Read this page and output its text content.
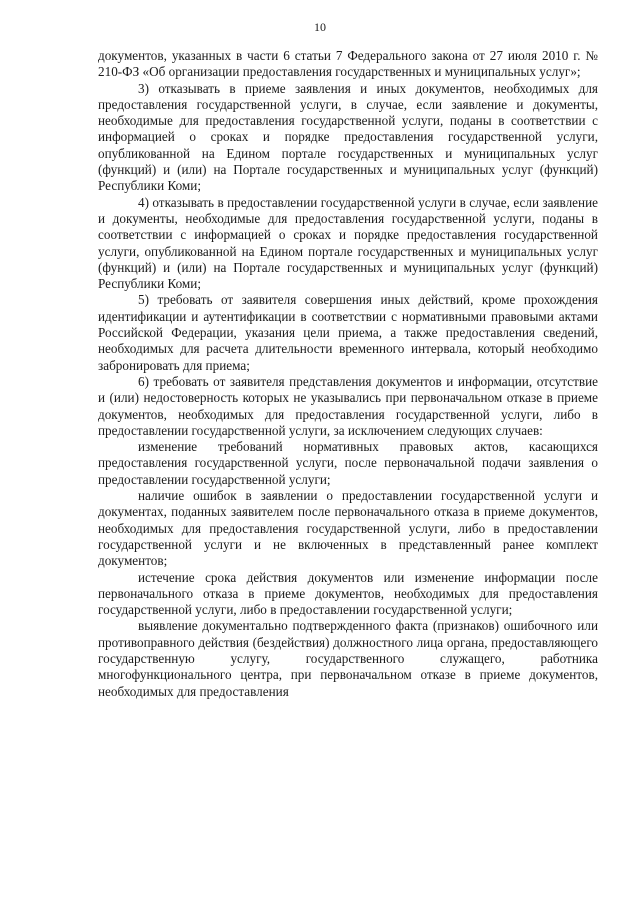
10

документов, указанных в части 6 статьи 7 Федерального закона от 27 июля 2010 г. № 210-ФЗ «Об организации предоставления государственных и муниципальных услуг»;

3) отказывать в приеме заявления и иных документов, необходимых для предоставления государственной услуги, в случае, если заявление и документы, необходимые для предоставления государственной услуги, поданы в соответствии с информацией о сроках и порядке предоставления государственной услуги, опубликованной на Едином портале государственных и муниципальных услуг (функций) и (или) на Портале государственных и муниципальных услуг (функций) Республики Коми;

4) отказывать в предоставлении государственной услуги в случае, если заявление и документы, необходимые для предоставления государственной услуги, поданы в соответствии с информацией о сроках и порядке предоставления государственной услуги, опубликованной на Едином портале государственных и муниципальных услуг (функций) и (или) на Портале государственных и муниципальных услуг (функций) Республики Коми;

5) требовать от заявителя совершения иных действий, кроме прохождения идентификации и аутентификации в соответствии с нормативными правовыми актами Российской Федерации, указания цели приема, а также предоставления сведений, необходимых для расчета длительности временного интервала, который необходимо забронировать для приема;

6) требовать от заявителя представления документов и информации, отсутствие и (или) недостоверность которых не указывались при первоначальном отказе в приеме документов, необходимых для предоставления государственной услуги, либо в предоставлении государственной услуги, за исключением следующих случаев:

изменение требований нормативных правовых актов, касающихся предоставления государственной услуги, после первоначальной подачи заявления о предоставлении государственной услуги;

наличие ошибок в заявлении о предоставлении государственной услуги и документах, поданных заявителем после первоначального отказа в приеме документов, необходимых для предоставления государственной услуги, либо в предоставлении государственной услуги и не включенных в представленный ранее комплект документов;

истечение срока действия документов или изменение информации после первоначального отказа в приеме документов, необходимых для предоставления государственной услуги, либо в предоставлении государственной услуги;

выявление документально подтвержденного факта (признаков) ошибочного или противоправного действия (бездействия) должностного лица органа, предоставляющего государственную услугу, государственного служащего, работника многофункционального центра, при первоначальном отказе в приеме документов, необходимых для предоставления
